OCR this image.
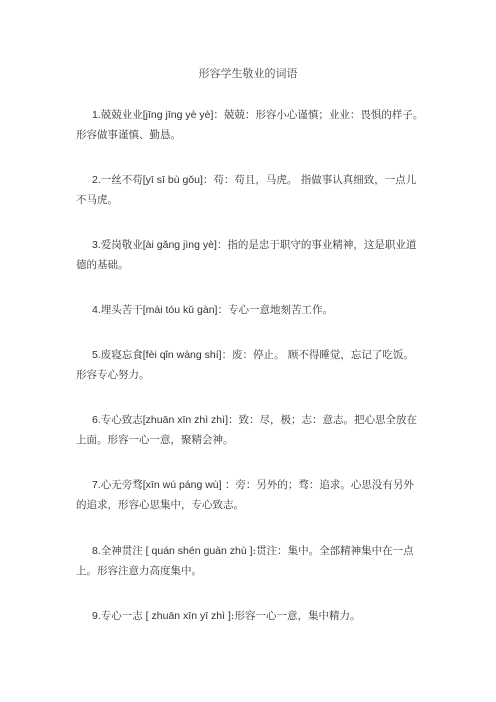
形容学生敬业的词语

1.兢兢业业[jīng jīng yè yè]：兢兢：形容小心谨慎；业业：畏惧的样子。形容做事谨慎、勤恳。

2.一丝不苟[yī sī bù gǒu]：苟：苟且，马虎。 指做事认真细致，一点儿不马虎。

3.爱岗敬业[ài gǎng jìng yè]：指的是忠于职守的事业精神，这是职业道德的基础。

4.埋头苦干[mái tóu kǔ gàn]：专心一意地刻苦工作。

5.废寝忘食[fèi qǐn wàng shí]：废：停止。 顾不得睡觉，忘记了吃饭。形容专心努力。

6.专心致志[zhuān xīn zhì zhì]：致：尽，极；志：意志。把心思全放在上面。形容一心一意，聚精会神。

7.心无旁骛[xīn wú páng wù] ：旁：另外的；骛：追求。心思没有另外的追求，形容心思集中，专心致志。

8.全神贯注 [ quán shén guàn zhù ]:贯注：集中。全部精神集中在一点上。形容注意力高度集中。

9.专心一志 [ zhuān xīn yī zhì ]:形容一心一意，集中精力。
